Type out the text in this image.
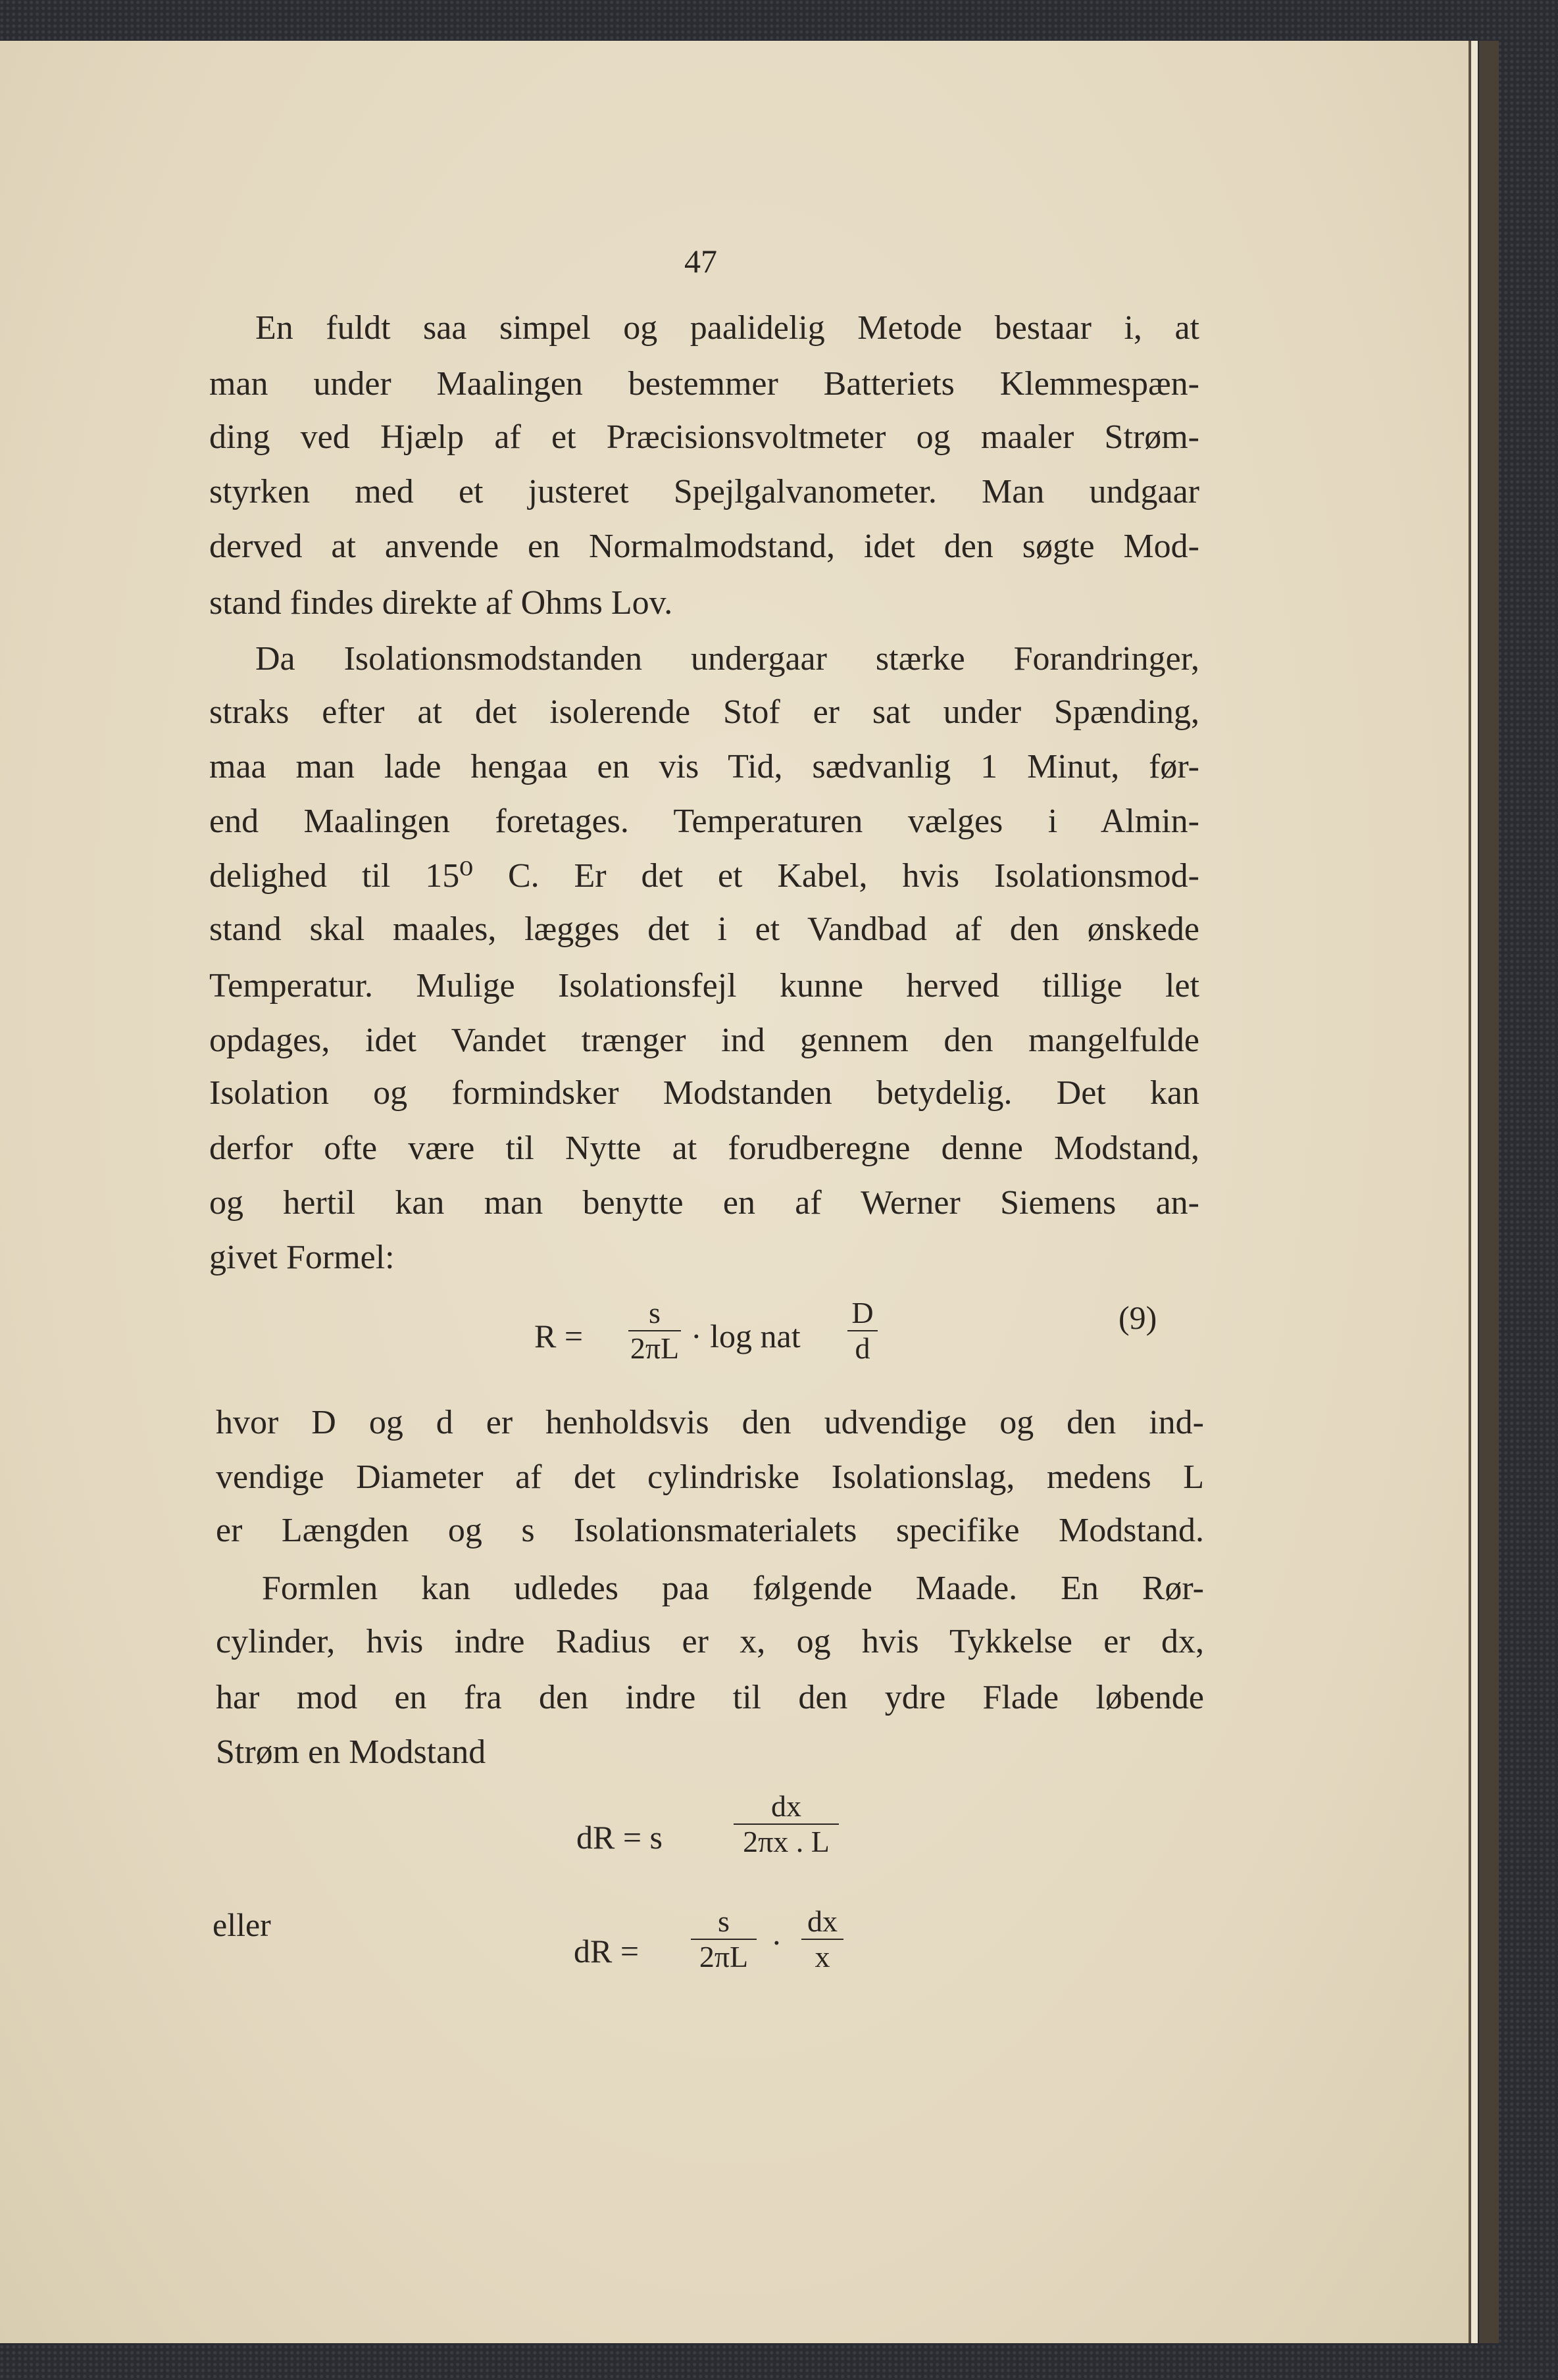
47
En fuldt saa simpel og paalidelig Metode bestaar i, at
man under Maalingen bestemmer Batteriets Klemmespæn-
ding ved Hjælp af et Præcisionsvoltmeter og maaler Strøm-
styrken med et justeret Spejlgalvanometer. Man undgaar
derved at anvende en Normalmodstand, idet den søgte Mod-
stand findes direkte af Ohms Lov.
Da Isolationsmodstanden undergaar stærke Forandringer,
straks efter at det isolerende Stof er sat under Spænding,
maa man lade hengaa en vis Tid, sædvanlig 1 Minut, før-
end Maalingen foretages. Temperaturen vælges i Almin-
delighed til 15⁰ C. Er det et Kabel, hvis Isolationsmod-
stand skal maales, lægges det i et Vandbad af den ønskede
Temperatur. Mulige Isolationsfejl kunne herved tillige let
opdages, idet Vandet trænger ind gennem den mangelfulde
Isolation og formindsker Modstanden betydelig. Det kan
derfor ofte være til Nytte at forudberegne denne Modstand,
og hertil kan man benytte en af Werner Siemens an-
givet Formel:
hvor D og d er henholdsvis den udvendige og den ind-
vendige Diameter af det cylindriske Isolationslag, medens L
er Længden og s Isolationsmaterialets specifike Modstand.
Formlen kan udledes paa følgende Maade. En Rør-
cylinder, hvis indre Radius er x, og hvis Tykkelse er dx,
har mod en fra den indre til den ydre Flade løbende
Strøm en Modstand
R =
s
2πL · log nat
D
d
(9)
dR = s
dx
2πx . L
eller
dR =
s
2πL ·
dx
x
